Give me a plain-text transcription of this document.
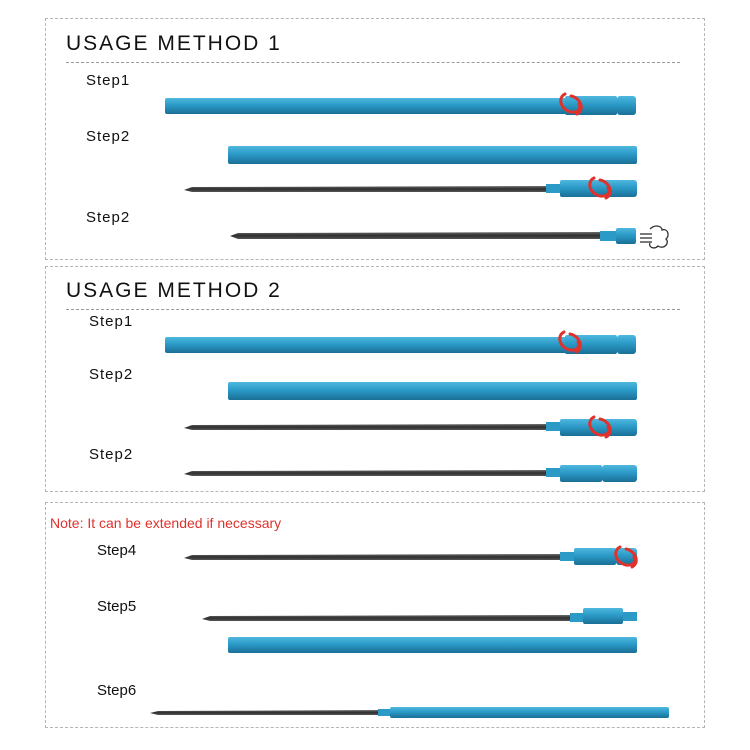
USAGE METHOD 1
Step1
Step2
Step2
USAGE METHOD 2
Step1
Step2
Step2
Note: It can be extended if necessary
Step4
Step5
Step6
